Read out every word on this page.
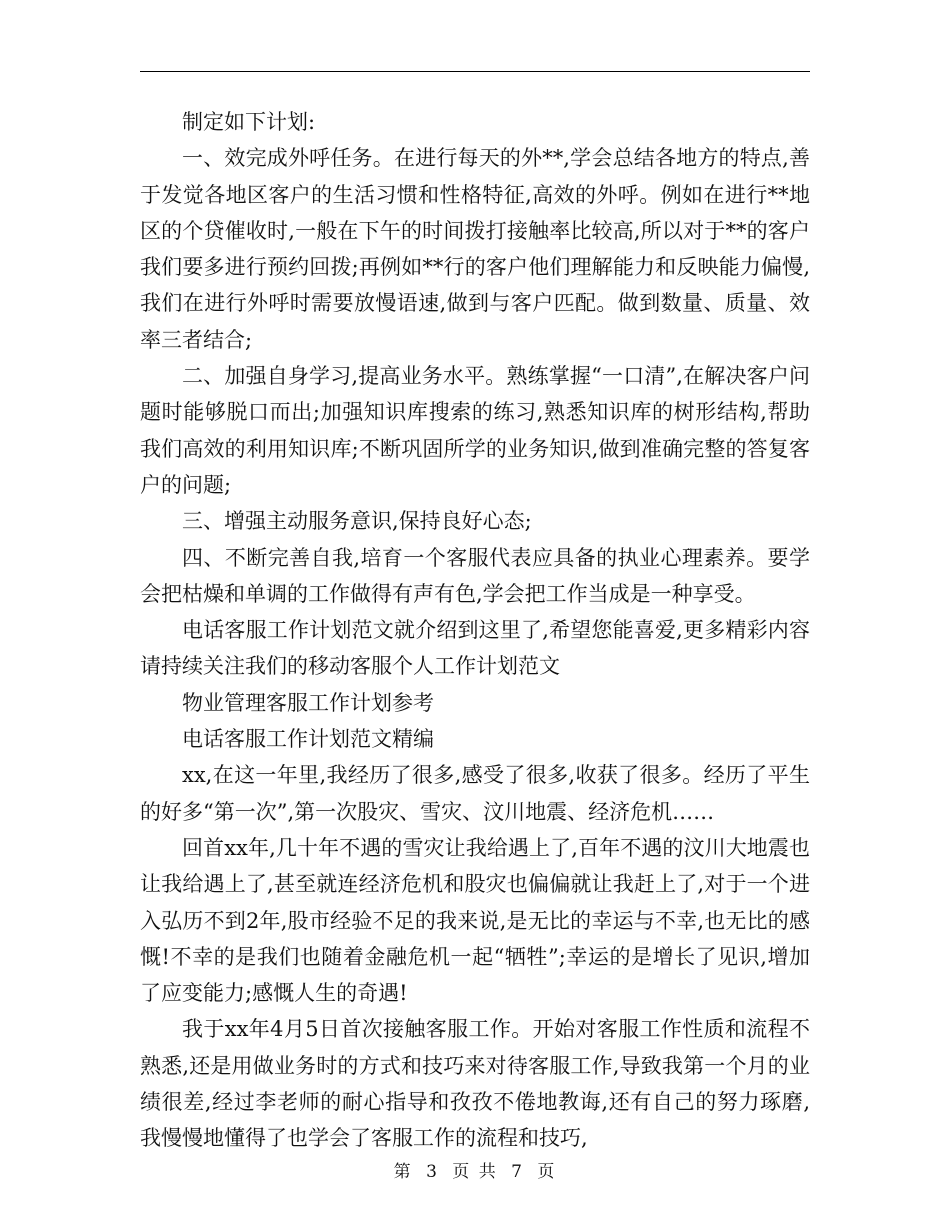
制定如下计划:

一、效完成外呼任务。在进行每天的外**,学会总结各地方的特点,善于发觉各地区客户的生活习惯和性格特征,高效的外呼。例如在进行**地区的个贷催收时,一般在下午的时间拨打接触率比较高,所以对于**的客户我们要多进行预约回拨;再例如**行的客户他们理解能力和反映能力偏慢,我们在进行外呼时需要放慢语速,做到与客户匹配。做到数量、质量、效率三者结合;

二、加强自身学习,提高业务水平。熟练掌握“一口清”,在解决客户问题时能够脱口而出;加强知识库搜索的练习,熟悉知识库的树形结构,帮助我们高效的利用知识库;不断巩固所学的业务知识,做到准确完整的答复客户的问题;

三、增强主动服务意识,保持良好心态;

四、不断完善自我,培育一个客服代表应具备的执业心理素养。要学会把枯燥和单调的工作做得有声有色,学会把工作当成是一种享受。

电话客服工作计划范文就介绍到这里了,希望您能喜爱,更多精彩内容请持续关注我们的移动客服个人工作计划范文

物业管理客服工作计划参考

电话客服工作计划范文精编

xx,在这一年里,我经历了很多,感受了很多,收获了很多。经历了平生的好多“第一次”,第一次股灾、雪灾、汶川地震、经济危机……

回首xx年,几十年不遇的雪灾让我给遇上了,百年不遇的汶川大地震也让我给遇上了,甚至就连经济危机和股灾也偏偏就让我赶上了,对于一个进入弘历不到2年,股市经验不足的我来说,是无比的幸运与不幸,也无比的感慨!不幸的是我们也随着金融危机一起“牺牲”;幸运的是增长了见识,增加了应变能力;感慨人生的奇遇!

我于xx年4月5日首次接触客服工作。开始对客服工作性质和流程不熟悉,还是用做业务时的方式和技巧来对待客服工作,导致我第一个月的业绩很差,经过李老师的耐心指导和孜孜不倦地教诲,还有自己的努力琢磨,我慢慢地懂得了也学会了客服工作的流程和技巧,

第 3 页 共 7 页
